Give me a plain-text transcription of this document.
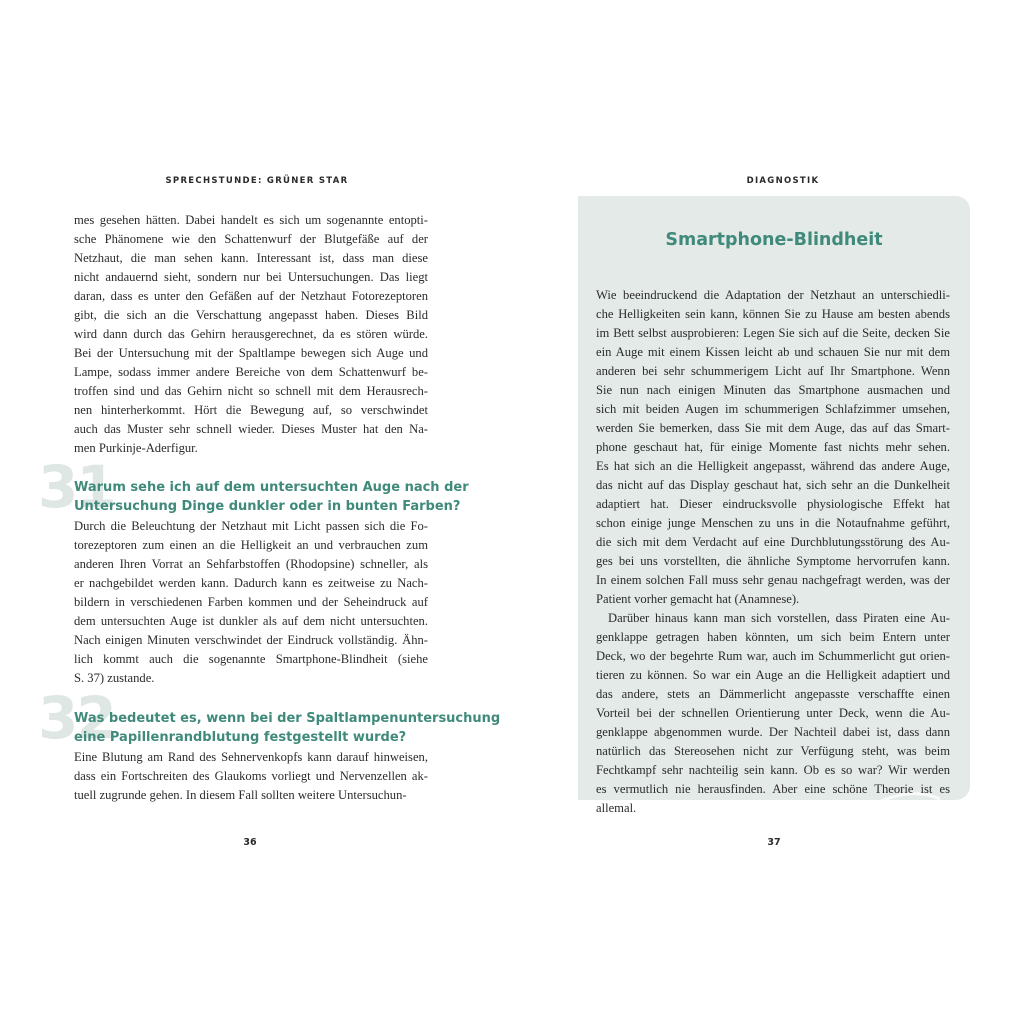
SPRECHSTUNDE: GRÜNER STAR
mes gesehen hätten. Dabei handelt es sich um sogenannte entopti-
sche Phänomene wie den Schattenwurf der Blutgefäße auf der
Netzhaut, die man sehen kann. Interessant ist, dass man diese
nicht andauernd sieht, sondern nur bei Untersuchungen. Das liegt
daran, dass es unter den Gefäßen auf der Netzhaut Fotorezeptoren
gibt, die sich an die Verschattung angepasst haben. Dieses Bild
wird dann durch das Gehirn herausgerechnet, da es stören würde.
Bei der Untersuchung mit der Spaltlampe bewegen sich Auge und
Lampe, sodass immer andere Bereiche von dem Schattenwurf be-
troffen sind und das Gehirn nicht so schnell mit dem Herausrech-
nen hinterherkommt. Hört die Bewegung auf, so verschwindet
auch das Muster sehr schnell wieder. Dieses Muster hat den Na-
men Purkinje-Aderfigur.
31
Warum sehe ich auf dem untersuchten Auge nach der
Untersuchung Dinge dunkler oder in bunten Farben?
Durch die Beleuchtung der Netzhaut mit Licht passen sich die Fo-
torezeptoren zum einen an die Helligkeit an und verbrauchen zum
anderen Ihren Vorrat an Sehfarbstoffen (Rhodopsine) schneller, als
er nachgebildet werden kann. Dadurch kann es zeitweise zu Nach-
bildern in verschiedenen Farben kommen und der Seheindruck auf
dem untersuchten Auge ist dunkler als auf dem nicht untersuchten.
Nach einigen Minuten verschwindet der Eindruck vollständig. Ähn-
lich kommt auch die sogenannte Smartphone-Blindheit (siehe
S. 37) zustande.
32
Was bedeutet es, wenn bei der Spaltlampenuntersuchung
eine Papillenrandblutung festgestellt wurde?
Eine Blutung am Rand des Sehnervenkopfs kann darauf hinweisen,
dass ein Fortschreiten des Glaukoms vorliegt und Nervenzellen ak-
tuell zugrunde gehen. In diesem Fall sollten weitere Untersuchun-
36
DIAGNOSTIK
Smartphone-Blindheit
Wie beeindruckend die Adaptation der Netzhaut an unterschiedli-
che Helligkeiten sein kann, können Sie zu Hause am besten abends
im Bett selbst ausprobieren: Legen Sie sich auf die Seite, decken Sie
ein Auge mit einem Kissen leicht ab und schauen Sie nur mit dem
anderen bei sehr schummerigem Licht auf Ihr Smartphone. Wenn
Sie nun nach einigen Minuten das Smartphone ausmachen und
sich mit beiden Augen im schummerigen Schlafzimmer umsehen,
werden Sie bemerken, dass Sie mit dem Auge, das auf das Smart-
phone geschaut hat, für einige Momente fast nichts mehr sehen.
Es hat sich an die Helligkeit angepasst, während das andere Auge,
das nicht auf das Display geschaut hat, sich sehr an die Dunkelheit
adaptiert hat. Dieser eindrucksvolle physiologische Effekt hat
schon einige junge Menschen zu uns in die Notaufnahme geführt,
die sich mit dem Verdacht auf eine Durchblutungsstörung des Au-
ges bei uns vorstellten, die ähnliche Symptome hervorrufen kann.
In einem solchen Fall muss sehr genau nachgefragt werden, was der
Patient vorher gemacht hat (Anamnese).
Darüber hinaus kann man sich vorstellen, dass Piraten eine Au-
genklappe getragen haben könnten, um sich beim Entern unter
Deck, wo der begehrte Rum war, auch im Schummerlicht gut orien-
tieren zu können. So war ein Auge an die Helligkeit adaptiert und
das andere, stets an Dämmerlicht angepasste verschaffte einen
Vorteil bei der schnellen Orientierung unter Deck, wenn die Au-
genklappe abgenommen wurde. Der Nachteil dabei ist, dass dann
natürlich das Stereosehen nicht zur Verfügung steht, was beim
Fechtkampf sehr nachteilig sein kann. Ob es so war? Wir werden
es vermutlich nie herausfinden. Aber eine schöne Theorie ist es
allemal.
37
